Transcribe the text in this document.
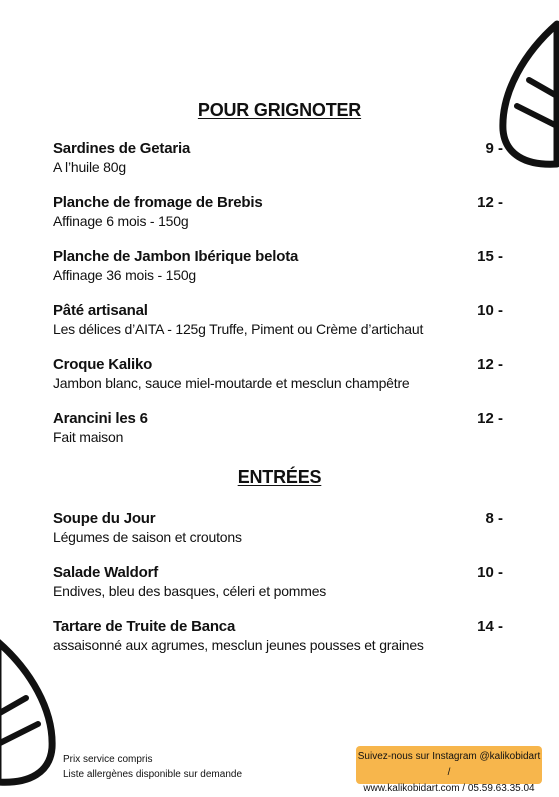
POUR GRIGNOTER
Sardines de Getaria
A l’huile 80g
9 -
Planche de fromage de Brebis
Affinage 6 mois - 150g
12 -
Planche de Jambon Ibérique belota
Affinage 36 mois - 150g
15 -
Pâté artisanal
Les délices d’AITA - 125g Truffe, Piment ou Crème d’artichaut
10 -
Croque Kaliko
Jambon blanc, sauce miel-moutarde et mesclun champêtre
12 -
Arancini les 6
Fait maison
12 -
ENTRÉES
Soupe du Jour
Légumes de saison et croutons
8 -
Salade Waldorf
Endives, bleu des basques, céleri et pommes
10 -
Tartare de Truite de Banca
assaisonné aux agrumes, mesclun jeunes pousses et graines
14 -
Prix service compris
Liste allergènes disponible sur demande
Suivez-nous sur Instagram @kalikobidart /
www.kalikobidart.com / 05.59.63.35.04
